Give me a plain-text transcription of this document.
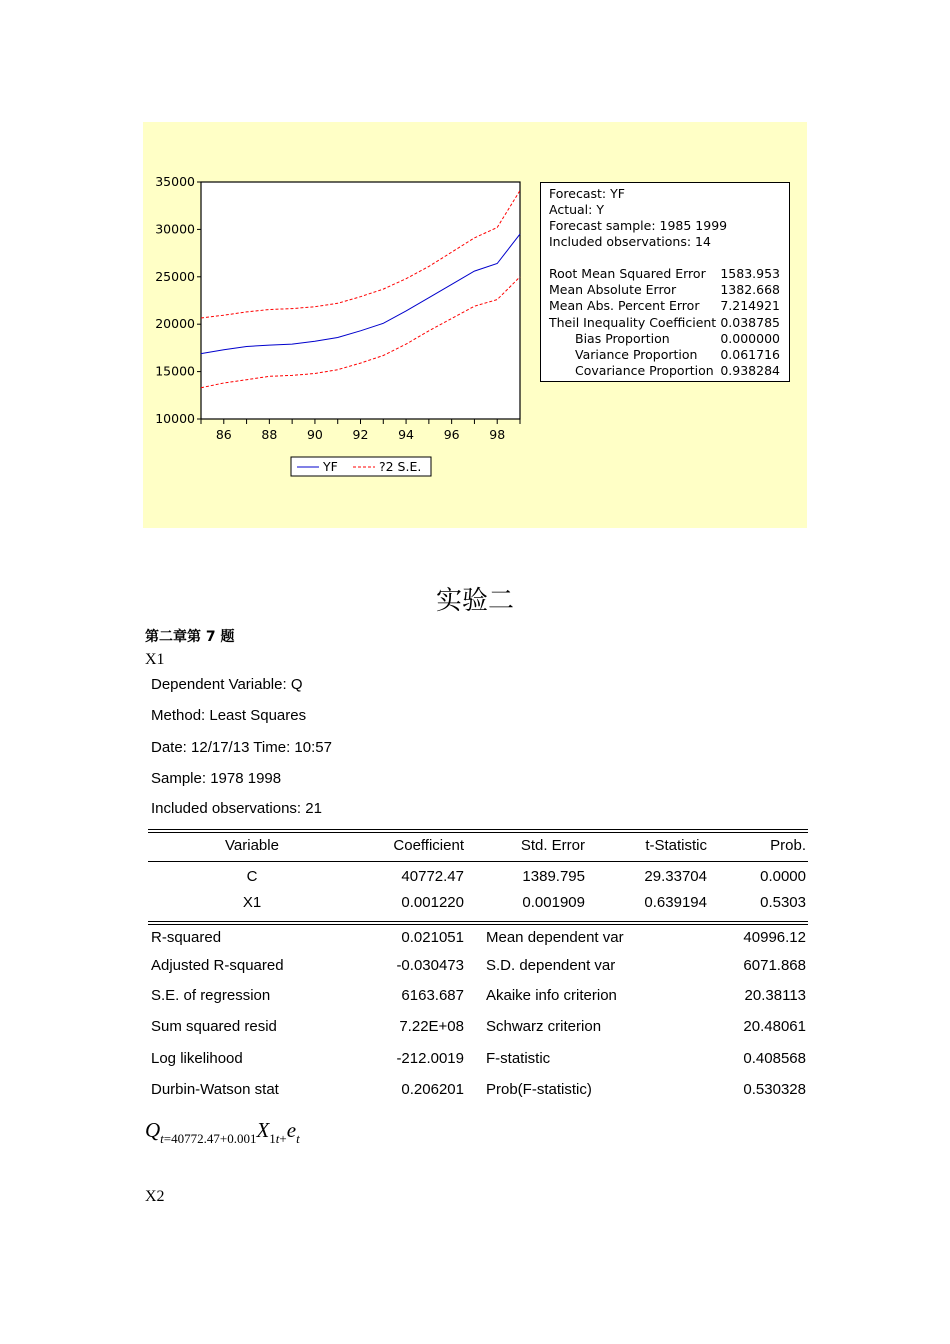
10000
15000
20000
25000
30000
35000
86 88 90 92 94 96 98
YF	?2 S.E.
Forecast: YF
Actual: Y
Forecast sample: 1985 1999
Included observations: 14
Root Mean Squared Error 1583.953
Mean Absolute Error	1382.668
Mean Abs. Percent Error 7.214921
Theil Inequality Coefficient 0.038785
Bias Proportion	0.000000
Variance Proportion 0.061716
Covariance Proportion 0.938284
实验二
第二章第 7 题
X1
Dependent Variable: Q
Method: Least Squares
Date: 12/17/13 Time: 10:57
Sample: 1978 1998
Included observations: 21
Variable	Coefficient	Std. Error	t-Statistic	Prob.
C	40772.47	1389.795	29.33704	0.0000
X1	0.001220	0.001909	0.639194	0.5303
R-squared	0.021051 Mean dependent var	40996.12
Adjusted R-squared	-0.030473 S.D. dependent var	6071.868
S.E. of regression	6163.687 Akaike info criterion	20.38113
Sum squared resid	7.22E+08 Schwarz criterion	20.48061
Log likelihood	-212.0019 F-statistic	0.408568
Durbin-Watson stat	0.206201 Prob(F-statistic)	0.530328
$Q_{t=40772.47+0.001}X_{1t+}e_t$
X2
